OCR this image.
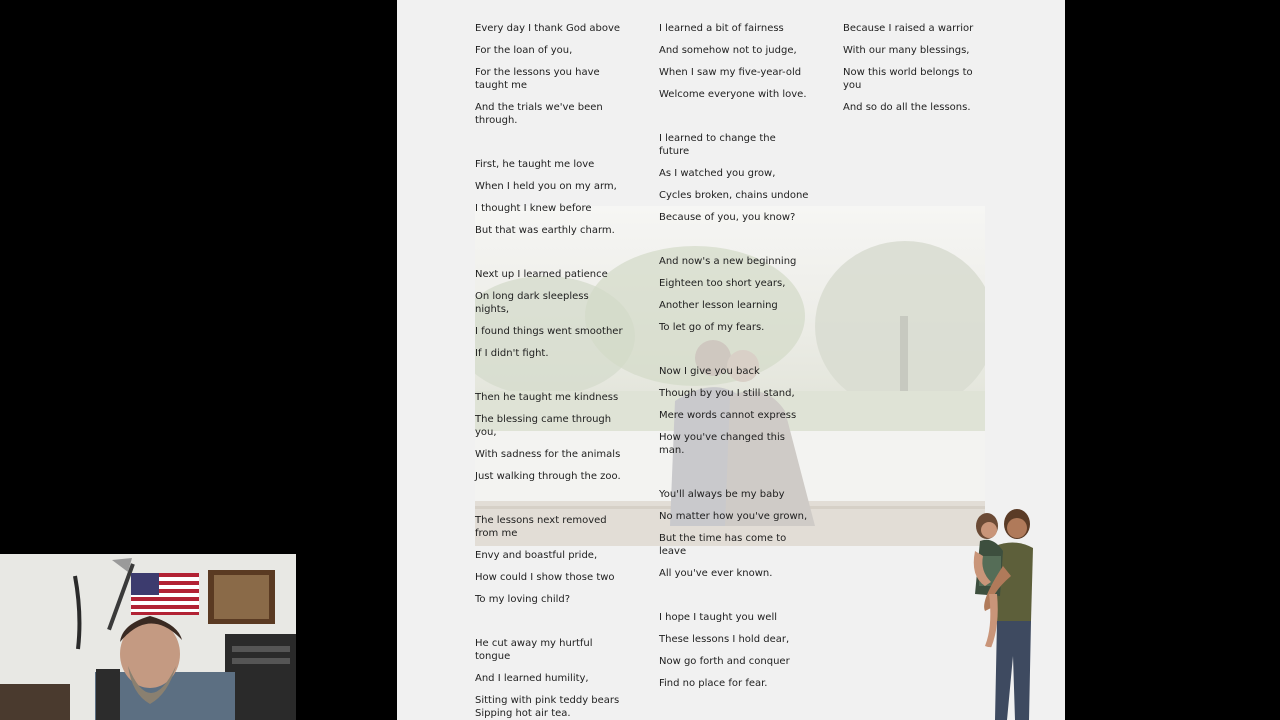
Every day I thank God above
For the loan of you,
For the lessons you have taught me
And the trials we've been through.
First, he taught me love
When I held you on my arm,
I thought I knew before
But that was earthly charm.
Next up I learned patience
On long dark sleepless nights,
I found things went smoother
If I didn't fight.
Then he taught me kindness
The blessing came through you,
With sadness for the animals
Just walking through the zoo.
The lessons next removed from me
Envy and boastful pride,
How could I show those two
To my loving child?
He cut away my hurtful tongue
And I learned humility,
Sitting with pink teddy bears Sipping hot air tea.
I learned a bit of fairness
And somehow not to judge,
When I saw my five-year-old
Welcome everyone with love.
I learned to change the future
As I watched you grow,
Cycles broken, chains undone
Because of you, you know?
And now's a new beginning
Eighteen too short years,
Another lesson learning
To let go of my fears.
Now I give you back
Though by you I still stand,
Mere words cannot express
How you've changed this man.
You'll always be my baby
No matter how you've grown,
But the time has come to leave
All you've ever known.
I hope I taught you well
These lessons I hold dear,
Now go forth and conquer
Find no place for fear.
Because I raised a warrior
With our many blessings,
Now this world belongs to you
And so do all the lessons.
